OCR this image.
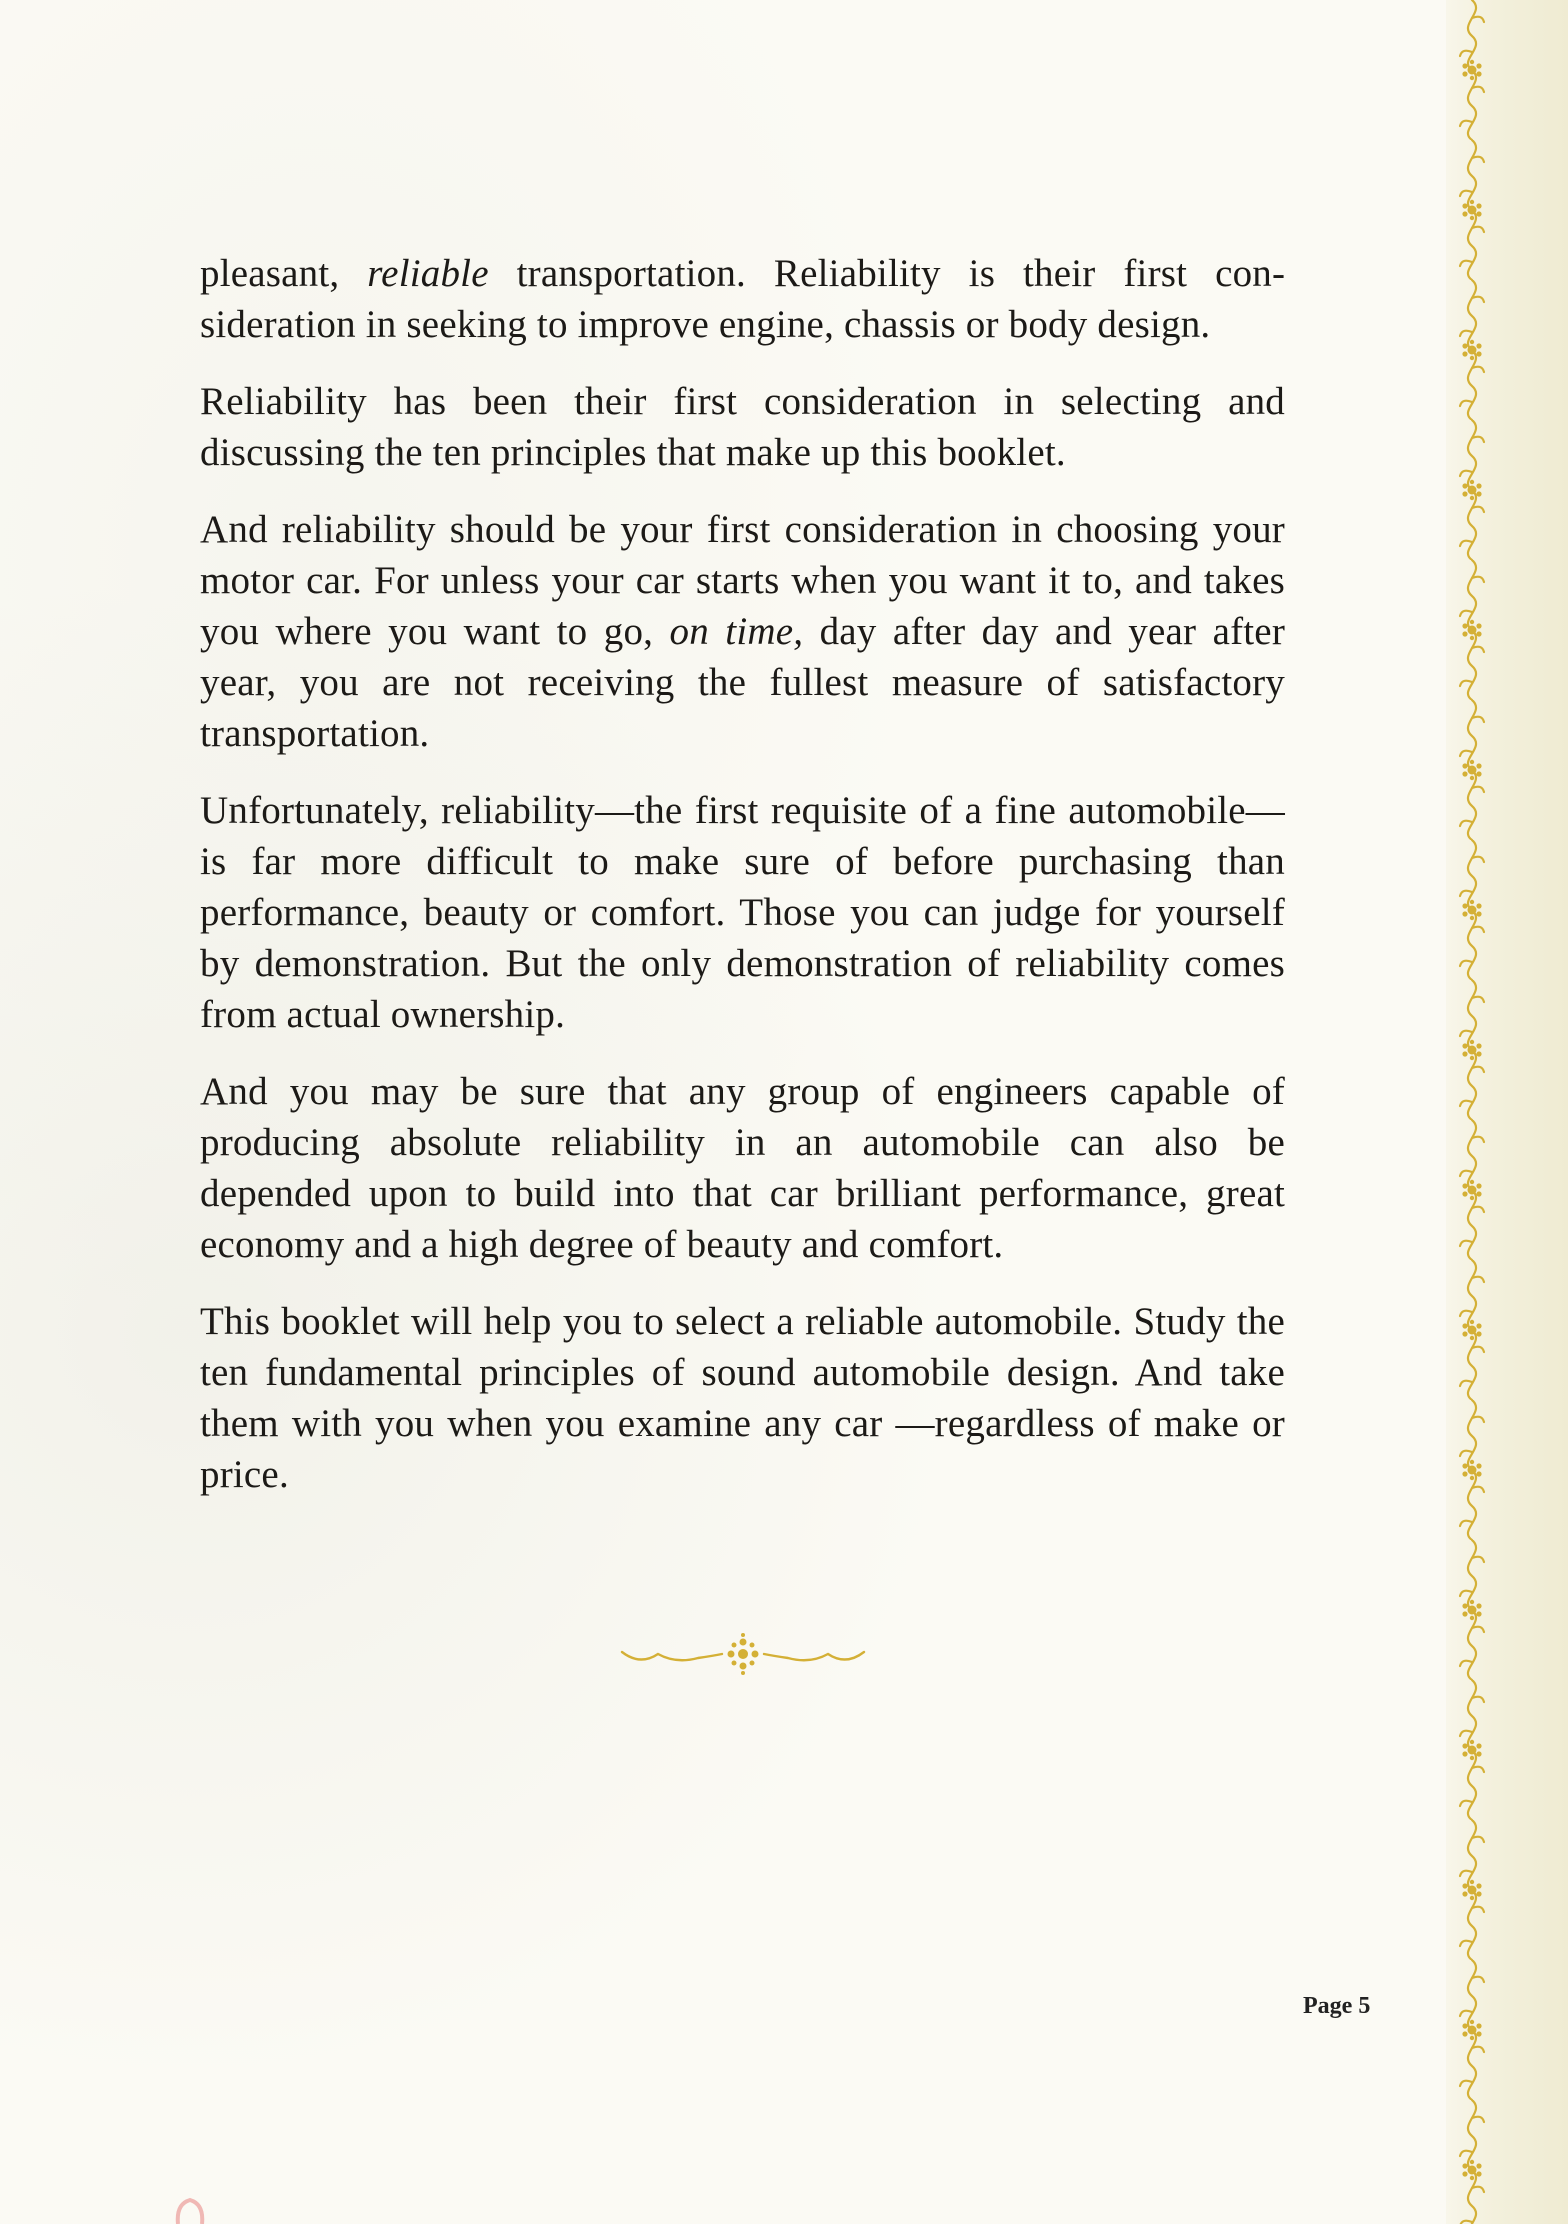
pleasant, reliable transportation. Reliability is their first consideration in seeking to improve engine, chassis or body design.

Reliability has been their first consideration in selecting and discussing the ten principles that make up this booklet.

And reliability should be your first consideration in choosing your motor car. For unless your car starts when you want it to, and takes you where you want to go, on time, day after day and year after year, you are not receiving the fullest measure of satisfactory transportation.

Unfortunately, reliability—the first requisite of a fine automobile—is far more difficult to make sure of before purchasing than performance, beauty or comfort. Those you can judge for yourself by demonstration. But the only demonstration of reliability comes from actual ownership.

And you may be sure that any group of engineers capable of producing absolute reliability in an automobile can also be depended upon to build into that car brilliant performance, great economy and a high degree of beauty and comfort.

This booklet will help you to select a reliable automobile. Study the ten fundamental principles of sound automobile design. And take them with you when you examine any car —regardless of make or price.

Page 5
